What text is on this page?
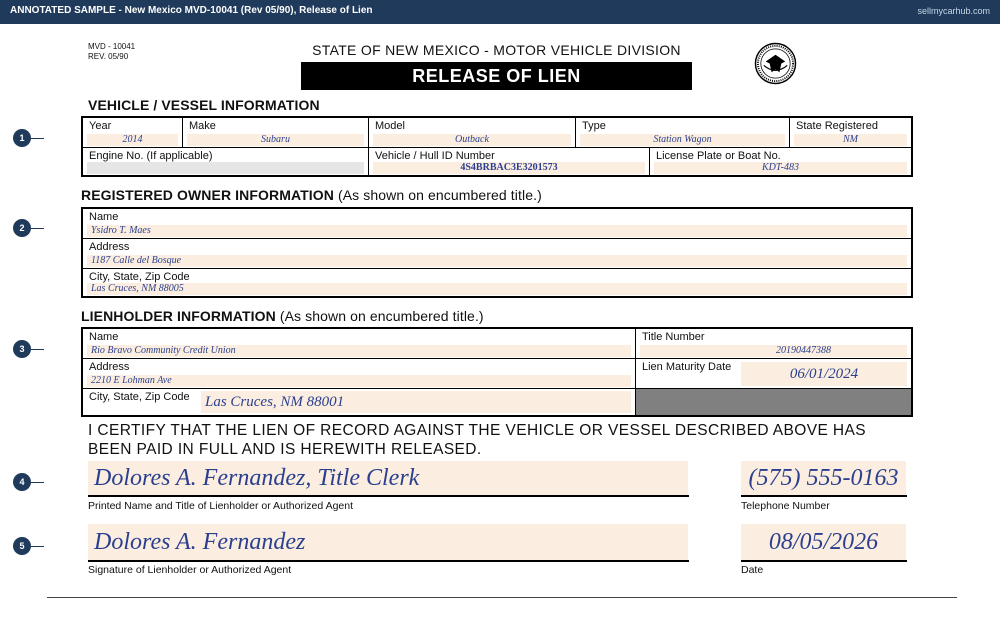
ANNOTATED SAMPLE - New Mexico MVD-10041 (Rev 05/90), Release of Lien	sellmycarhub.com
MVD - 10041
REV. 05/90	STATE OF NEW MEXICO - MOTOR VEHICLE DIVISION
RELEASE OF LIEN
1
2
3
4
5
VEHICLE / VESSEL INFORMATION
Year
2014
Make
Subaru
Model
Outback
Type
Station Wagon
State Registered
NM
Engine No. (If applicable)	Vehicle / Hull ID Number
4S4BRBAC3E3201573
License Plate or Boat No.
KDT-483
REGISTERED OWNER INFORMATION (As shown on encumbered title.)
Name
Ysidro T. Maes
Address
1187 Calle del Bosque
City, State, Zip Code
Las Cruces, NM 88005
LIENHOLDER INFORMATION (As shown on encumbered title.)
Name
Rio Bravo Community Credit Union
Title Number
20190447388
Address
2210 E Lohman Ave
Lien Maturity Date	06/01/2024
City, State, Zip Code Las Cruces, NM 88001
I CERTIFY THAT THE LIEN OF RECORD AGAINST THE VEHICLE OR VESSEL DESCRIBED ABOVE HAS BEEN PAID IN FULL AND IS HEREWITH RELEASED.
Dolores A. Fernandez, Title Clerk
Printed Name and Title of Lienholder or Authorized Agent
(575) 555-0163
Telephone Number
Dolores A. Fernandez
Signature of Lienholder or Authorized Agent
08/05/2026
Date
